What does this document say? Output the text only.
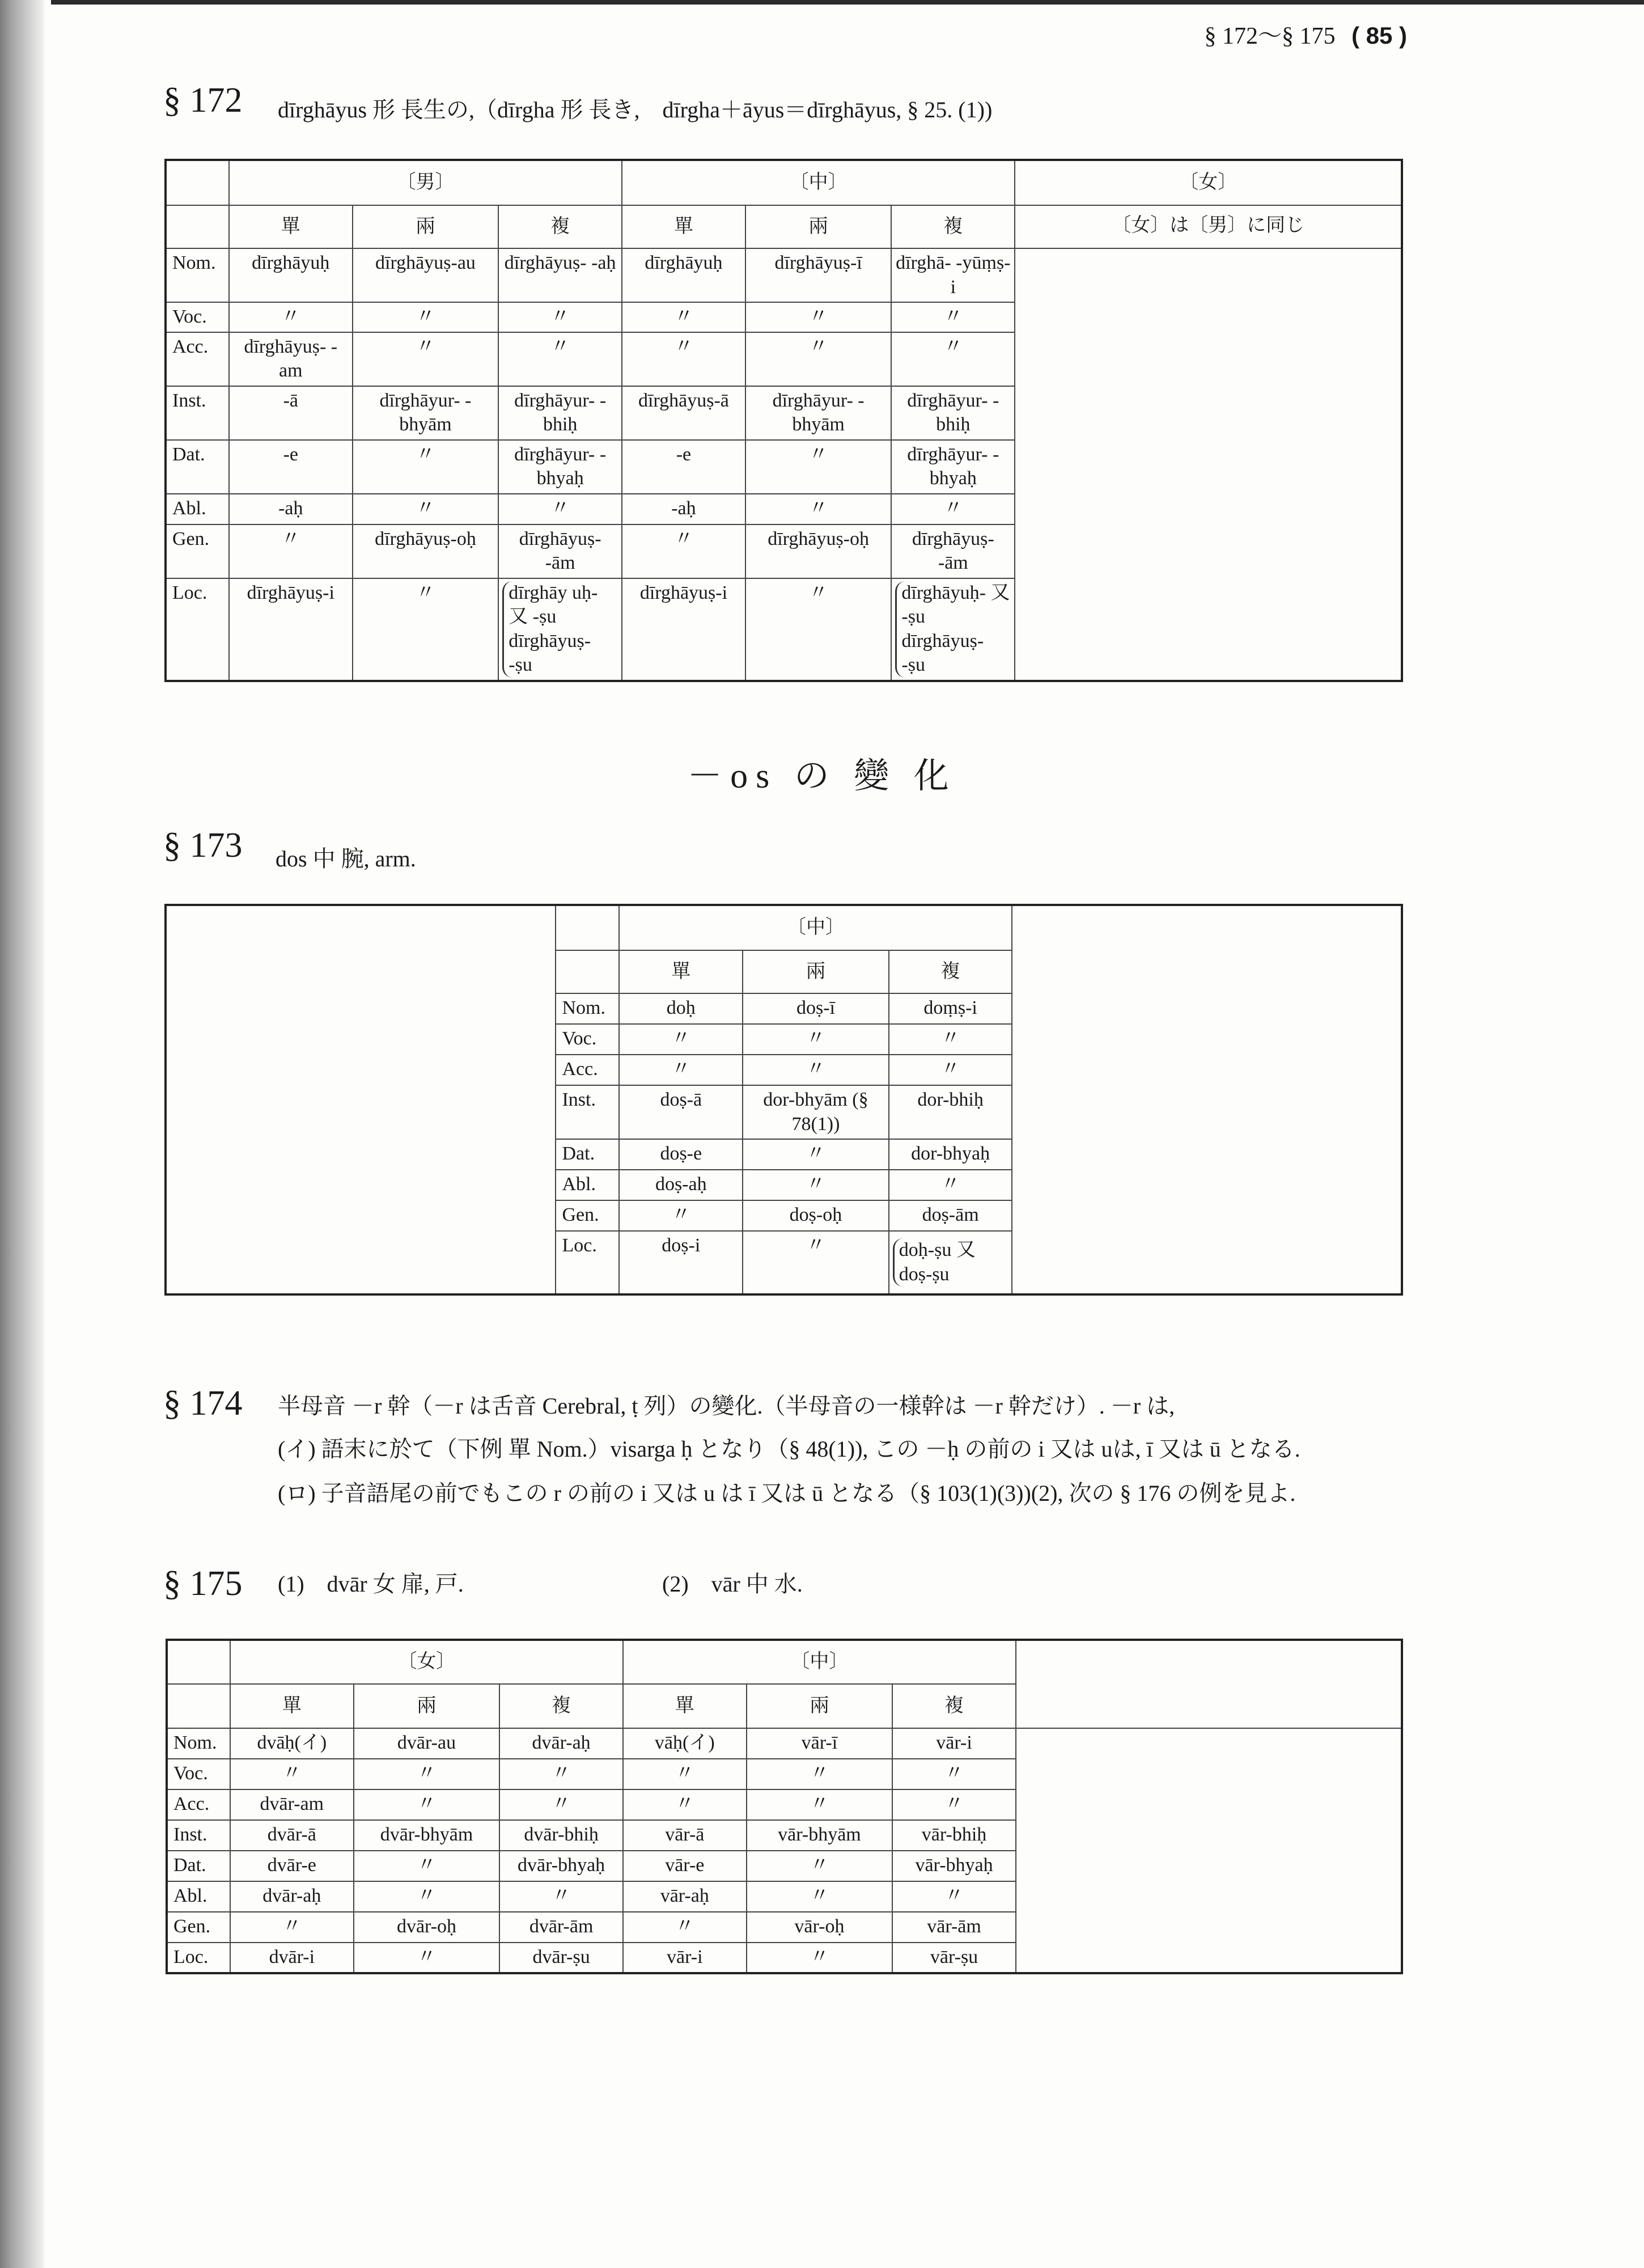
§ 172～§ 175 ( 85 )
§ 172 dīrghāyus 形 長生の,（dīrgha 形 長き,　dīrgha＋āyus＝dīrghāyus, § 25. (1))
	〔男〕			〔中〕			〔女〕
	單	兩	複	單	兩	複	〔女〕は〔男〕に同じ
Nom.	dīrghāyuḥ	dīrghāyuṣ-au	dīrghāyuṣ- -aḥ	dīrghāyuḥ	dīrghāyuṣ-ī	dīrghā- -yūṃṣ-i	
Voc.	〃	〃	〃	〃	〃	〃	
Acc.	dīrghāyuṣ- -am	〃	〃	〃	〃	〃	
Inst.	-ā	dīrghāyur- -bhyām	dīrghāyur- -bhiḥ	dīrghāyuṣ-ā	dīrghāyur- -bhyām	dīrghāyur- -bhiḥ	
Dat.	-e	〃	dīrghāyur- -bhyaḥ	-e	〃	dīrghāyur- -bhyaḥ	
Abl.	-aḥ	〃	〃	-aḥ	〃	〃	
Gen.	〃	dīrghāyuṣ-oḥ	dīrghāyuṣ- -ām	〃	dīrghāyuṣ-oḥ	dīrghāyuṣ- -ām	
Loc.	dīrghāyuṣ-i	〃	dīrghāy uḥ- 又 -ṣu dīrghāyuṣ- -ṣu	dīrghāyuṣ-i	〃	dīrghāyuḥ- 又 -ṣu dīrghāyuṣ- -ṣu	
－os の 變 化
§ 173 dos 中 腕, arm.
		〔中〕			
		單	兩	複	
	Nom.	doḥ	doṣ-ī	doṃṣ-i	
	Voc.	〃	〃	〃	
	Acc.	〃	〃	〃	
	Inst.	doṣ-ā	dor-bhyām (§ 78(1))	dor-bhiḥ	
	Dat.	doṣ-e	〃	dor-bhyaḥ	
	Abl.	doṣ-aḥ	〃	〃	
	Gen.	〃	doṣ-oḥ	doṣ-ām	
	Loc.	doṣ-i	〃	doḥ-ṣu 又 doṣ-ṣu	
§ 174 半母音 －r 幹（－r は舌音 Cerebral, ṭ 列）の變化.（半母音の一様幹は －r 幹だけ）. －r は,
(イ) 語末に於て（下例 單 Nom.）visarga ḥ となり（§ 48(1)), この －ḥ の前の i 又は uは, ī 又は ū となる.
(ロ) 子音語尾の前でもこの r の前の i 又は u は ī 又は ū となる（§ 103(1)(3))(2), 次の § 176 の例を見よ.
§ 175 (1)　dvār 女 扉, 戸.	(2)　vār 中 水.
	〔女〕			〔中〕			
	單	兩	複	單	兩	複	
Nom.	dvāḥ(イ)	dvār-au	dvār-aḥ	vāḥ(イ)	vār-ī	vār-i	
Voc.	〃	〃	〃	〃	〃	〃	
Acc.	dvār-am	〃	〃	〃	〃	〃	
Inst.	dvār-ā	dvār-bhyām	dvār-bhiḥ	vār-ā	vār-bhyām	vār-bhiḥ	
Dat.	dvār-e	〃	dvār-bhyaḥ	vār-e	〃	vār-bhyaḥ	
Abl.	dvār-aḥ	〃	〃	vār-aḥ	〃	〃	
Gen.	〃	dvār-oḥ	dvār-ām	〃	vār-oḥ	vār-ām	
Loc.	dvār-i	〃	dvār-ṣu	vār-i	〃	vār-ṣu	
